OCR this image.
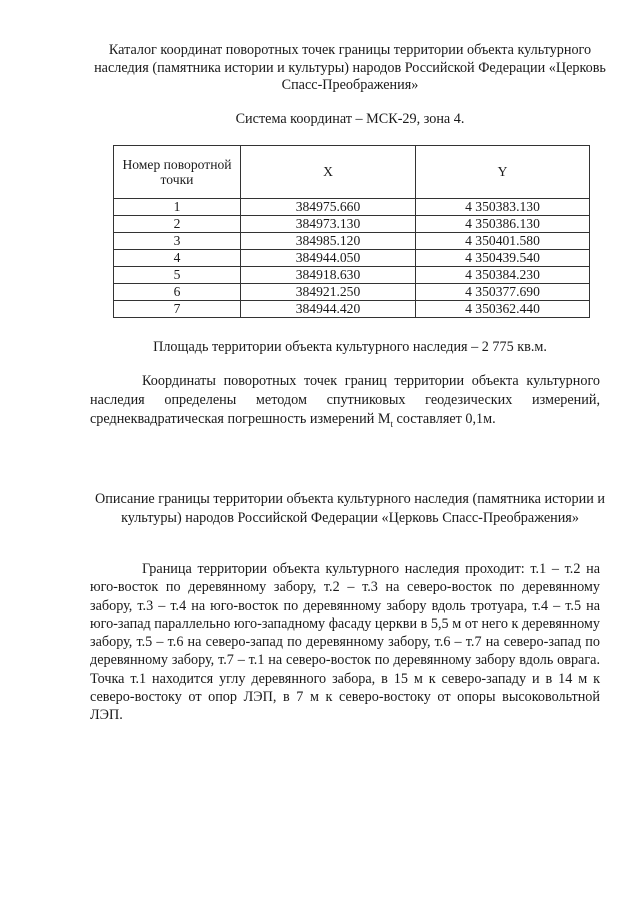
Каталог координат поворотных точек границы территории объекта культурного наследия (памятника истории и культуры) народов Российской Федерации «Церковь Спасс-Преображения»
Система координат – МСК-29, зона 4.
Номер поворотной точки	X	Y
1	384975.660	4 350383.130
2	384973.130	4 350386.130
3	384985.120	4 350401.580
4	384944.050	4 350439.540
5	384918.630	4 350384.230
6	384921.250	4 350377.690
7	384944.420	4 350362.440
Площадь территории объекта культурного наследия – 2 775 кв.м.
Координаты поворотных точек границ территории объекта культурного наследия определены методом спутниковых геодезических измерений, среднеквадратическая погрешность измерений $M_t$ составляет 0,1м.
Описание границы территории объекта культурного наследия (памятника истории и культуры) народов Российской Федерации «Церковь Спасс-Преображения»
Граница территории объекта культурного наследия проходит: т.1 – т.2 на юго-восток по деревянному забору, т.2 – т.3 на северо-восток по деревянному забору, т.3 – т.4 на юго-восток по деревянному забору вдоль тротуара, т.4 – т.5 на юго-запад параллельно юго-западному фасаду церкви в 5,5 м от него к деревянному забору, т.5 – т.6 на северо-запад по деревянному забору, т.6 – т.7 на северо-запад по деревянному забору, т.7 – т.1 на северо-восток по деревянному забору вдоль оврага. Точка т.1 находится углу деревянного забора, в 15 м к северо-западу и в 14 м к северо-востоку от опор ЛЭП, в 7 м к северо-востоку от опоры высоковольтной ЛЭП.
